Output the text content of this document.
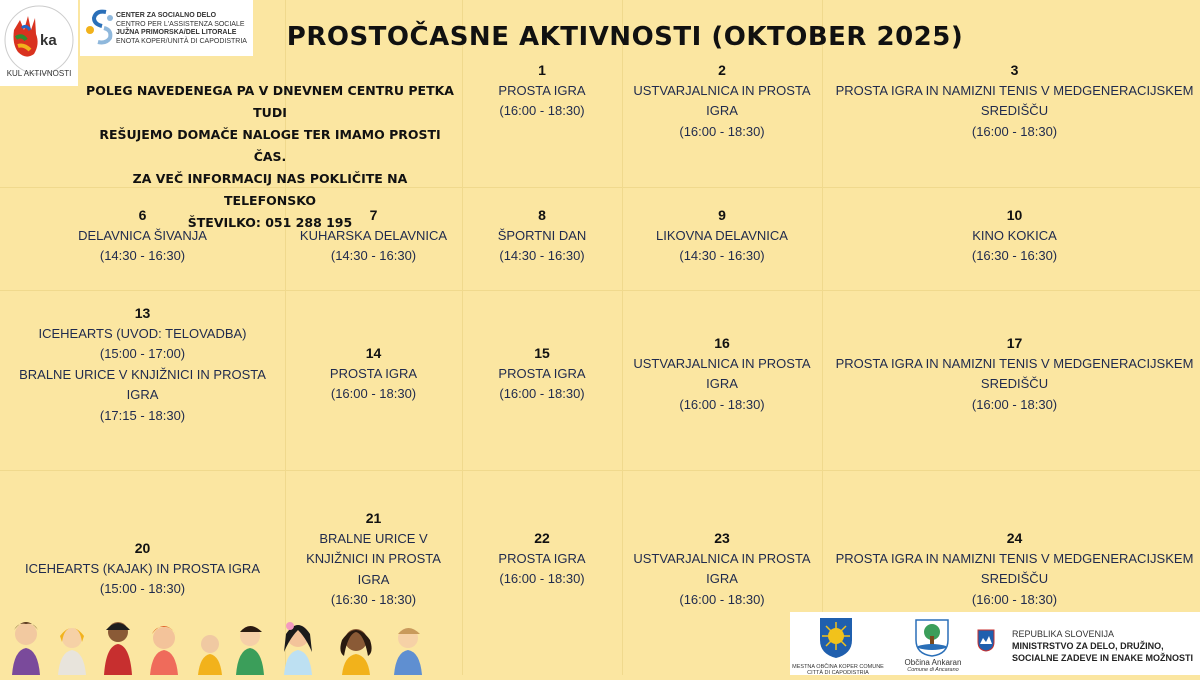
ka
KUL AKTIVNOSTI
CENTER ZA SOCIALNO DELO
CENTRO PER L'ASSISTENZA SOCIALE
JUŽNA PRIMORSKA/DEL LITORALE
ENOTA KOPER/UNITÀ DI CAPODISTRIA PROSTOČASNE AKTIVNOSTI (OKTOBER 2025)
POLEG NAVEDENEGA PA V DNEVNEM CENTRU PETKA TUDI
REŠUJEMO DOMAČE NALOGE TER IMAMO PROSTI ČAS.
ZA VEČ INFORMACIJ NAS POKLIČITE NA TELEFONSKO
ŠTEVILKO: 051 288 195
1
PROSTA IGRA
(16:00 - 18:30)
2
USTVARJALNICA IN PROSTA
IGRA
(16:00 - 18:30)
3
PROSTA IGRA IN NAMIZNI TENIS V MEDGENERACIJSKEM
SREDIŠČU
(16:00 - 18:30)
6
DELAVNICA ŠIVANJA
(14:30 - 16:30)
7
KUHARSKA DELAVNICA
(14:30 - 16:30)
8
ŠPORTNI DAN
(14:30 - 16:30)
9
LIKOVNA DELAVNICA
(14:30 - 16:30)
10
KINO KOKICA
(16:30 - 16:30)
13
ICEHEARTS (UVOD: TELOVADBA)
(15:00 - 17:00)
BRALNE URICE V KNJIŽNICI IN PROSTA
IGRA
(17:15 - 18:30)
14
PROSTA IGRA
(16:00 - 18:30)
15
PROSTA IGRA
(16:00 - 18:30)
16
USTVARJALNICA IN PROSTA
IGRA
(16:00 - 18:30)
17
PROSTA IGRA IN NAMIZNI TENIS V MEDGENERACIJSKEM
SREDIŠČU
(16:00 - 18:30)
20
ICEHEARTS (KAJAK) IN PROSTA IGRA
(15:00 - 18:30)
21
BRALNE URICE V
KNJIŽNICI IN PROSTA
IGRA
(16:30 - 18:30)
22
PROSTA IGRA
(16:00 - 18:30)
23
USTVARJALNICA IN PROSTA
IGRA
(16:00 - 18:30)
24
PROSTA IGRA IN NAMIZNI TENIS V MEDGENERACIJSKEM
SREDIŠČU
(16:00 - 18:30)
MESTNA OBČINA KOPER COMUNE CITTÀ DI CAPODISTRIA
Občina Ankaran
Comune di Ancarano
REPUBLIKA SLOVENIJA
MINISTRSTVO ZA DELO, DRUŽINO,
SOCIALNE ZADEVE IN ENAKE MOŽNOSTI
